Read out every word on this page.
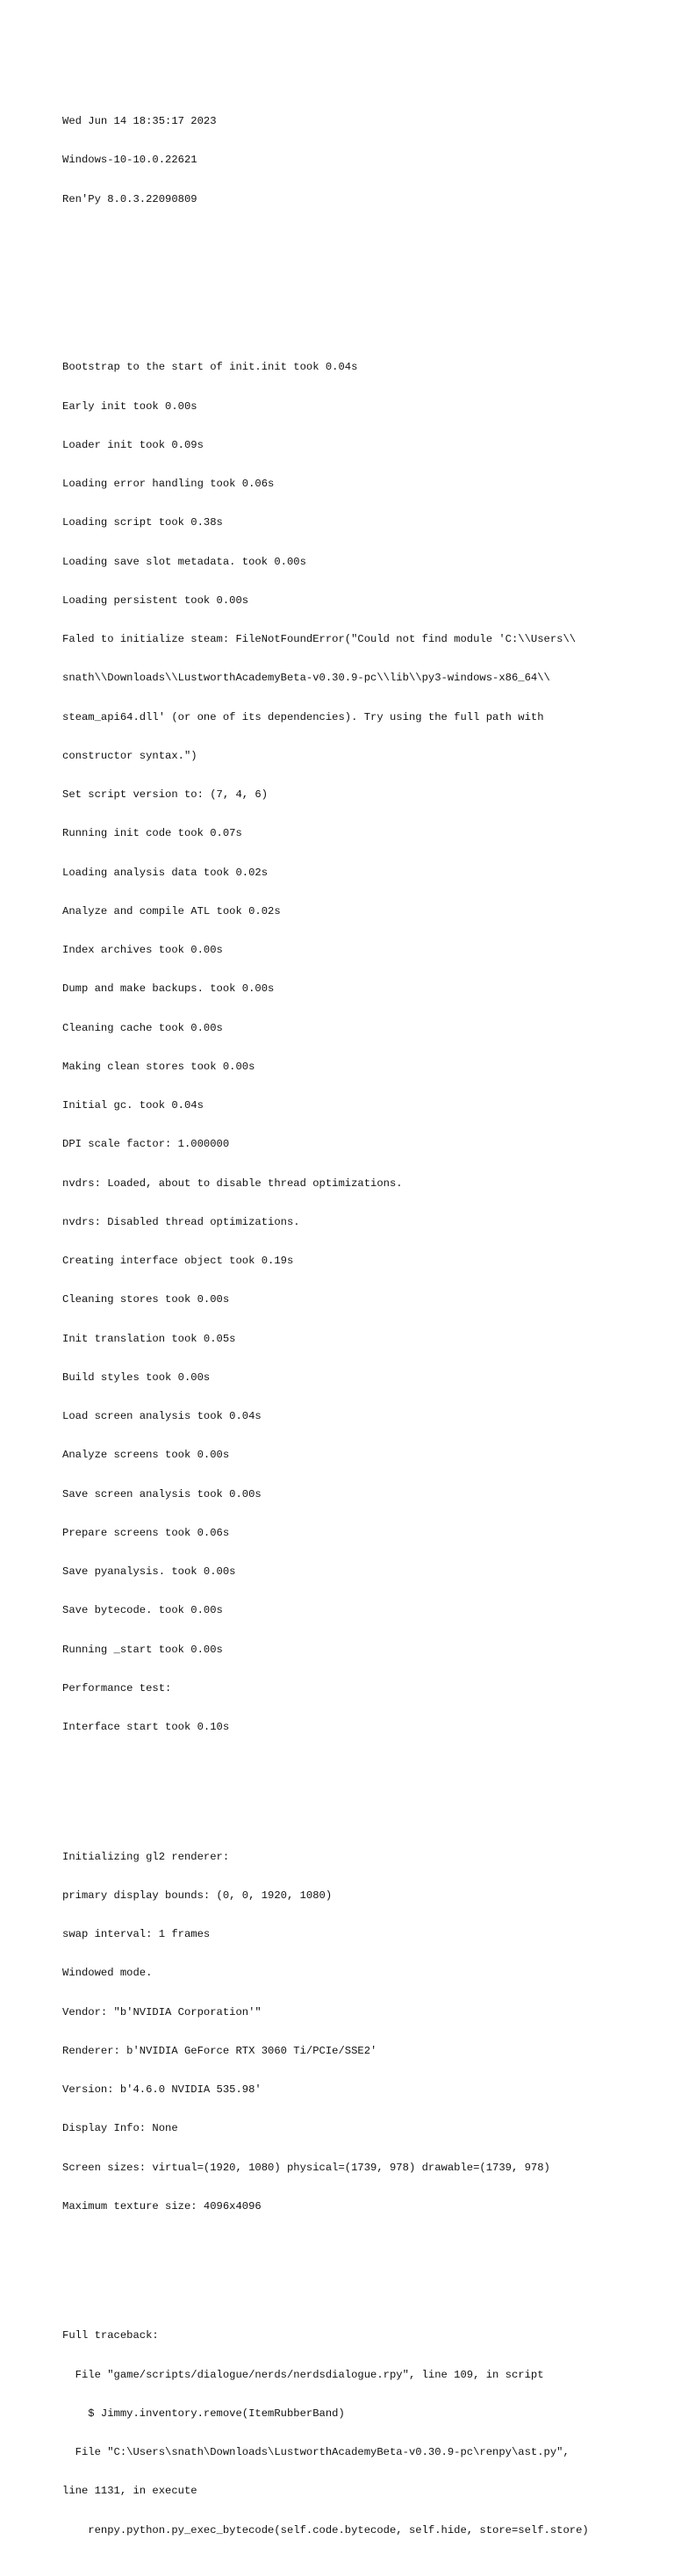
Wed Jun 14 18:35:17 2023

Windows-10-10.0.22621

Ren'Py 8.0.3.22090809

Bootstrap to the start of init.init took 0.04s

Early init took 0.00s

Loader init took 0.09s

Loading error handling took 0.06s

Loading script took 0.38s

Loading save slot metadata. took 0.00s

Loading persistent took 0.00s

Faled to initialize steam: FileNotFoundError("Could not find module 'C:\\Users\\

snath\\Downloads\\LustworthAcademyBeta-v0.30.9-pc\\lib\\py3-windows-x86_64\\

steam_api64.dll' (or one of its dependencies). Try using the full path with

constructor syntax.")

Set script version to: (7, 4, 6)

Running init code took 0.07s

Loading analysis data took 0.02s

Analyze and compile ATL took 0.02s

Index archives took 0.00s

Dump and make backups. took 0.00s

Cleaning cache took 0.00s

Making clean stores took 0.00s

Initial gc. took 0.04s

DPI scale factor: 1.000000

nvdrs: Loaded, about to disable thread optimizations.

nvdrs: Disabled thread optimizations.

Creating interface object took 0.19s

Cleaning stores took 0.00s

Init translation took 0.05s

Build styles took 0.00s

Load screen analysis took 0.04s

Analyze screens took 0.00s

Save screen analysis took 0.00s

Prepare screens took 0.06s

Save pyanalysis. took 0.00s

Save bytecode. took 0.00s

Running _start took 0.00s

Performance test:

Interface start took 0.10s

Initializing gl2 renderer:

primary display bounds: (0, 0, 1920, 1080)

swap interval: 1 frames

Windowed mode.

Vendor: "b'NVIDIA Corporation'"

Renderer: b'NVIDIA GeForce RTX 3060 Ti/PCIe/SSE2'

Version: b'4.6.0 NVIDIA 535.98'

Display Info: None

Screen sizes: virtual=(1920, 1080) physical=(1739, 978) drawable=(1739, 978)

Maximum texture size: 4096x4096

Full traceback:

File "game/scripts/dialogue/nerds/nerdsdialogue.rpy", line 109, in script

$ Jimmy.inventory.remove(ItemRubberBand)

File "C:\Users\snath\Downloads\LustworthAcademyBeta-v0.30.9-pc\renpy\ast.py",

line 1131, in execute

renpy.python.py_exec_bytecode(self.code.bytecode, self.hide, store=self.store)
